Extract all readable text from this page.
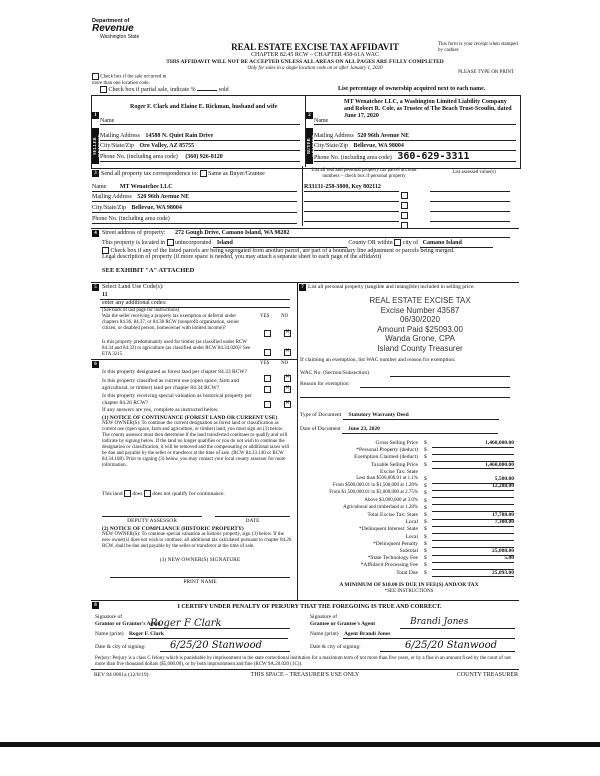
Department of
Revenue
Washington State
REAL ESTATE EXCISE TAX AFFIDAVIT
CHAPTER 82.45 RCW – CHAPTER 458-61A WAC
THIS AFFIDAVIT WILL NOT BE ACCEPTED UNLESS ALL AREAS ON ALL PAGES ARE FULLY COMPLETED
Only for sales in a single location code on or after January 1, 2020
This form is your receipt when stamped by cashier.
PLEASE TYPE OR PRINT
Check box if the sale occurred in more than one location code.
Check box if partial sale, indicate %	sold	List percentage of ownership acquired next to each name.
1
SELLER GRANTOR
Roger F. Clark and Elaine E. Rickman, husband and wife
Name
Mailing Address 14588 N. Quiet Rain Drive
City/State/Zip Oro Valley, AZ 85755
Phone No. (including area code) (360) 926-8120
2
BUYER GRANTEE
MT Wenatchee LLC, a Washington Limited Liability Company and Robert R. Cole, as Trustee of The Beach Trust-Scoufin, dated June 17, 2020
Name
Mailing Address 520 96th Avenue NE
City/State/Zip Bellevue, WA 98004
Phone No. (including area code) 360-629-3311
3 Send all property tax correspondence to: Same as Buyer/Grantee
Name MT Wenatchee LLC
Mailing Address 520 96th Avenue NE
City/State/Zip Bellevue, WA 98004
Phone No. (including area code)
List all real and personal property tax parcel account numbers – check box if personal property
List assessed value(s)
R33131-258-3800, Key 802112
4 Street address of property: 272 Gough Drive, Camano Island, WA 98282
This property is located in unincorporated Island	County OR within city of Camano Island
Check box if any of the listed parcels are being segregated from another parcel, are part of a boundary line adjustment or parcels being merged.
Legal description of property (if more space is needed, you may attach a separate sheet to each page of the affidavit)
SEE EXHIBIT "A" ATTACHED
5 Select Land Use Code(s):
11
enter any additional codes:
(See back of last page for instructions)
YES	NO
Was the seller receiving a property tax exemption or deferral under chapters 84.36, 84.37, or 84.38 RCW (nonprofit organization, senior citizen, or disabled person, homeowner with limited income)?
✕
Is this property predominantly used for timber (as classified under RCW 84.34 and 84.33) or agriculture (as classified under RCW 84.34.020)? See ETA 3215
✕
6	YES	NO
Is this property designated as forest land per chapter 84.33 RCW?
✕
Is this property classified as current use (open space, farm and agricultural, or timber) land per chapter 84.34 RCW?
✕
Is this property receiving special valuation as historical property per chapter 84.26 RCW?
✕
If any answers are yes, complete as instructed below.
(1) NOTICE OF CONTINUANCE (FOREST LAND OR CURRENT USE)
NEW OWNER(S): To continue the current designation as forest land or classification as current use (open space, farm and agriculture, or timber) land, you must sign on (3) below. The county assessor must then determine if the land transferred continues to qualify and will indicate by signing below. If the land no longer qualifies or you do not wish to continue the designation or classification, it will be removed and the compensating or additional taxes will be due and payable by the seller or transferor at the time of sale. (RCW 84.33.140 or RCW 84.34.108). Prior to signing (3) below, you may contact your local county assessor for more information.
This land does does not qualify for continuance.
DEPUTY ASSESSOR	DATE
(2) NOTICE OF COMPLIANCE (HISTORIC PROPERTY)
NEW OWNER(S): To continue special valuation as historic property, sign (3) below. If the new owner(s) does not wish to continue, all additional tax calculated pursuant to chapter 84.26 RCW, shall be due and payable by the seller or transferor at the time of sale.
(3) NEW OWNER(S) SIGNATURE
PRINT NAME
7 List all personal property (tangible and intangible) included in selling price.
REAL ESTATE EXCISE TAX
Excise Number 43587
06/30/2020
Amount Paid $25093.00
Wanda Grone, CPA
Island County Treasurer
If claiming an exemption, list WAC number and reason for exemption:
WAC No. (Section/Subsection)
Reason for exemption
Type of Document Statutory Warranty Deed
Date of Document June 23, 2020
Gross Selling Price $	1,460,000.00
*Personal Property (deduct) $
Exemption Claimed (deduct) $
Taxable Selling Price $	1,460,000.00
Excise Tax: State
Less than $500,000.01 at 1.1% $	5,500.00
From $500,000.01 to $1,500,000 at 1.28% $	12,288.00
From $1,500,000.01 to $3,000,000 at 2.75% $
Above $3,000,000 at 3.0% $
Agricultural and timberland at 1.28% $
Total Excise Tax: State $	17,788.00
Local $	7,300.00
*Delinquent Interest: State $
Local $
*Delinquent Penalty $
Subtotal $	25,088.00
*State Technology Fee $	5.00
*Affidavit Processing Fee $
Total Due $	25,093.00
A MINIMUM OF $10.00 IS DUE IN FEE(S) AND/OR TAX
*SEE INSTRUCTIONS
8	I CERTIFY UNDER PENALTY OF PERJURY THAT THE FOREGOING IS TRUE AND CORRECT.
Signature of
Grantor or Grantor's Agent
Roger F Clark
Name (print) Roger F. Clark
Date & city of signing:	6/25/20 Stanwood
Signature of
Grantee or Grantee's Agent	Brandi Jones
Name (print) Agent Brandi Jones
Date & city of signing:	6/25/20 Stanwood
Perjury: Perjury is a class C felony which is punishable by imprisonment in the state correctional institution for a maximum term of not more than five years, or by a fine in an amount fixed by the court of not more than five thousand dollars ($5,000.00), or by both imprisonment and fine (RCW 9A.20.020 (1C)).
REV 84 0001a (12/6/19)	THIS SPACE – TREASURER'S USE ONLY	COUNTY TREASURER
